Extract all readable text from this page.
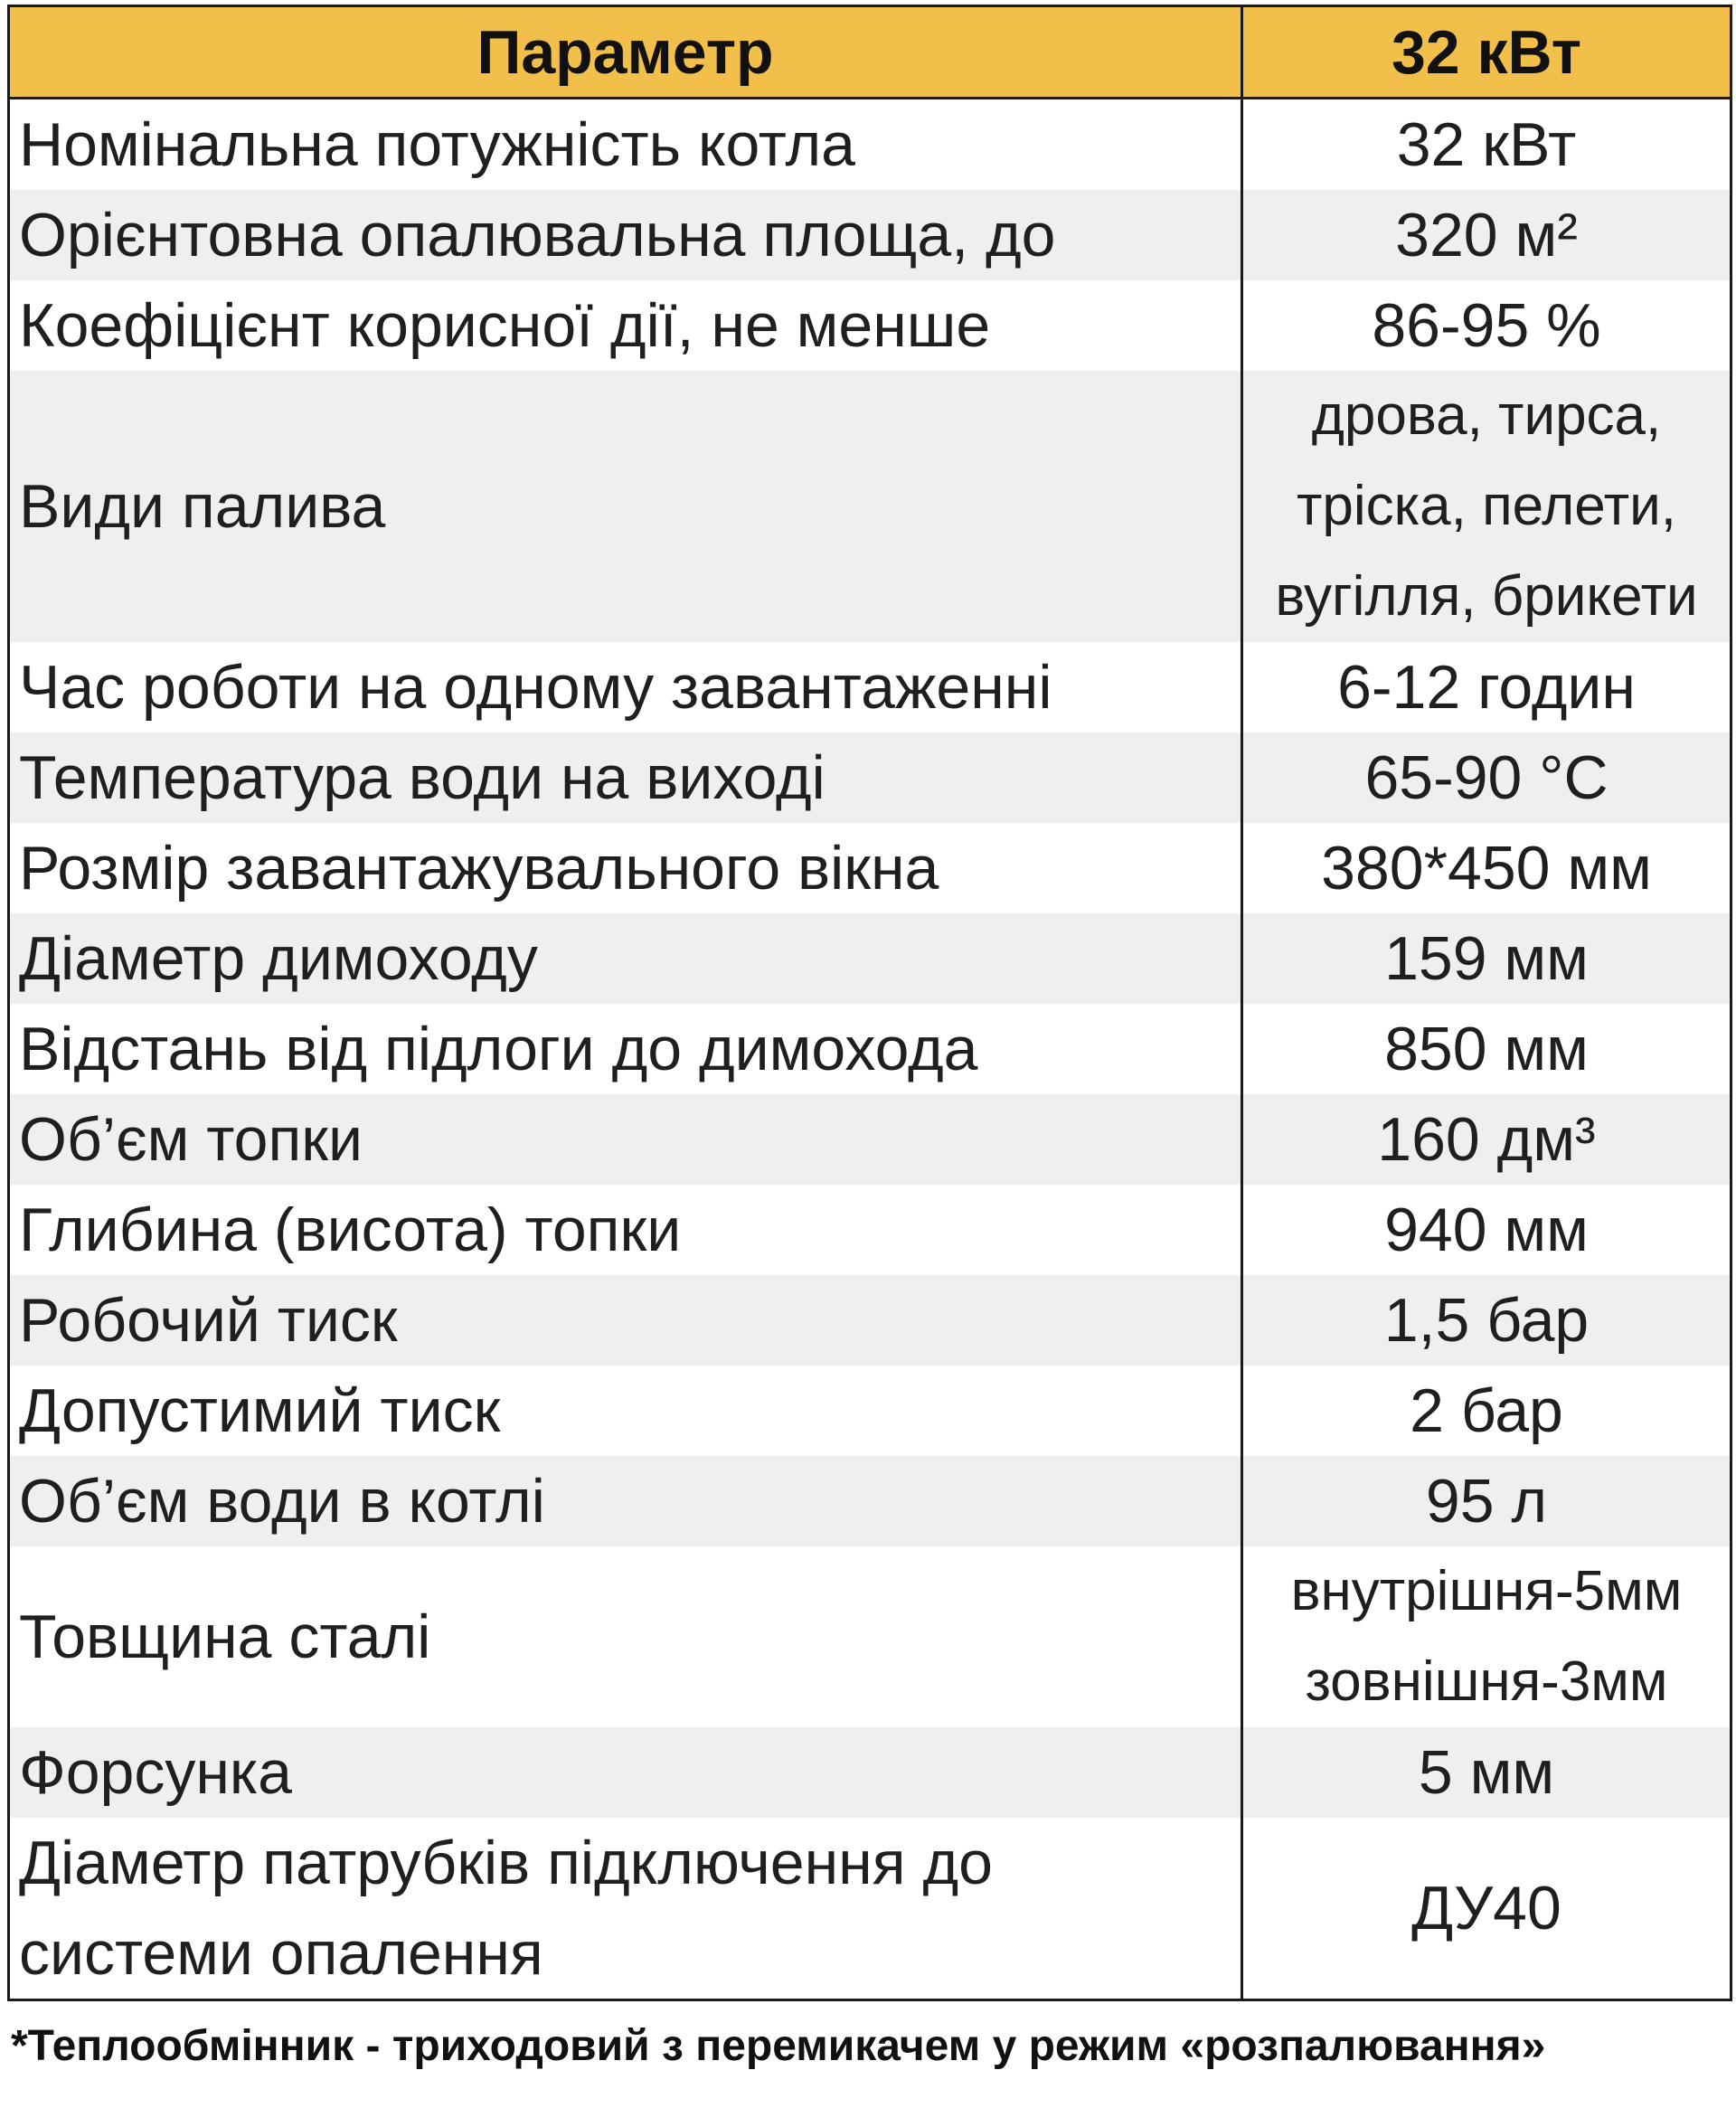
Параметр	32 кВт
Номінальна потужність котла	32 кВт
Орієнтовна опалювальна площа, до	320 м²
Коефіцієнт корисної дії, не менше	86-95 %
Види палива	дрова, тирса,
тріска, пелети,
вугілля, брикети

Час роботи на одному завантаженні	6-12 годин
Температура води на виході	65-90 °C
Розмір завантажувального вікна	380*450 мм
Діаметр димоходу	159 мм
Відстань від підлоги до димохода	850 мм
Об’єм топки	160 дм³
Глибина (висота) топки	940 мм
Робочий тиск	1,5 бар
Допустимий тиск	2 бар
Об’єм води в котлі	95 л
Товщина сталі	внутрішня-5мм
зовнішня-3мм

Форсунка	5 мм

Діаметр патрубків підключення до
системи опалення	ДУ40
*Теплообмінник - триходовий з перемикачем у режим «розпалювання»
